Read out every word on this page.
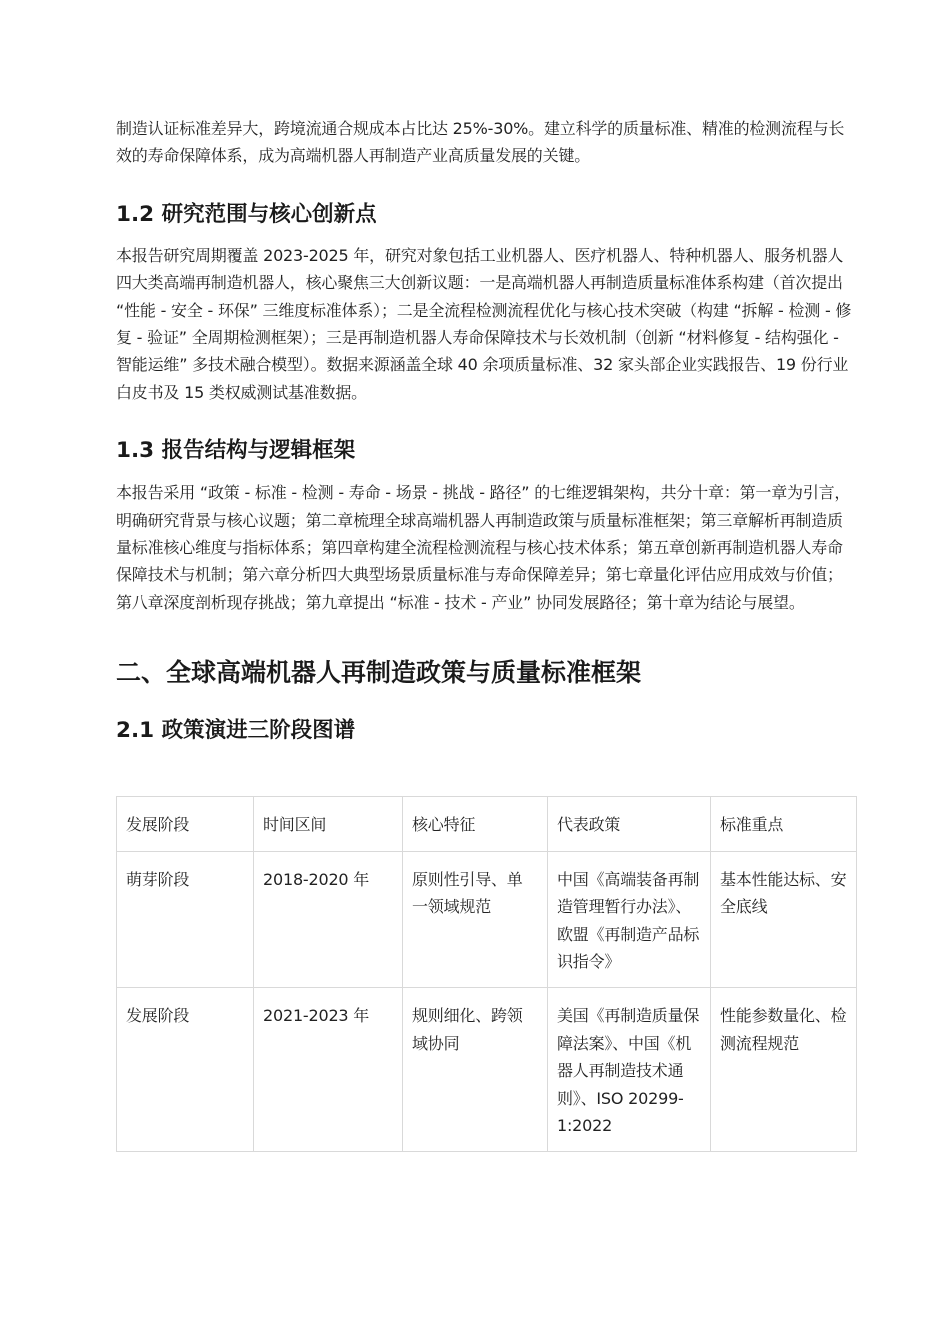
制造认证标准差异大，跨境流通合规成本占比达 25%-30%。建立科学的质量标准、精准的检测流程与长效的寿命保障体系，成为高端机器人再制造产业高质量发展的关键。

1.2 研究范围与核心创新点

本报告研究周期覆盖 2023-2025 年，研究对象包括工业机器人、医疗机器人、特种机器人、服务机器人四大类高端再制造机器人，核心聚焦三大创新议题：一是高端机器人再制造质量标准体系构建（首次提出 “性能 - 安全 - 环保” 三维度标准体系）；二是全流程检测流程优化与核心技术突破（构建 “拆解 - 检测 - 修复 - 验证” 全周期检测框架）；三是再制造机器人寿命保障技术与长效机制（创新 “材料修复 - 结构强化 - 智能运维” 多技术融合模型）。数据来源涵盖全球 40 余项质量标准、32 家头部企业实践报告、19 份行业白皮书及 15 类权威测试基准数据。

1.3 报告结构与逻辑框架

本报告采用 “政策 - 标准 - 检测 - 寿命 - 场景 - 挑战 - 路径” 的七维逻辑架构，共分十章：第一章为引言，明确研究背景与核心议题；第二章梳理全球高端机器人再制造政策与质量标准框架；第三章解析再制造质量标准核心维度与指标体系；第四章构建全流程检测流程与核心技术体系；第五章创新再制造机器人寿命保障技术与机制；第六章分析四大典型场景质量标准与寿命保障差异；第七章量化评估应用成效与价值；第八章深度剖析现存挑战；第九章提出 “标准 - 技术 - 产业” 协同发展路径；第十章为结论与展望。

二、全球高端机器人再制造政策与质量标准框架
2.1 政策演进三阶段图谱
发展阶段	时间区间	核心特征	代表政策	标准重点
萌芽阶段	2018-2020 年	原则性引导、单一领域规范	中国《高端装备再制造管理暂行办法》、欧盟《再制造产品标识指令》	基本性能达标、安全底线
发展阶段	2021-2023 年	规则细化、跨领域协同	美国《再制造质量保障法案》、中国《机器人再制造技术通则》、ISO 20299-1:2022	性能参数量化、检测流程规范
